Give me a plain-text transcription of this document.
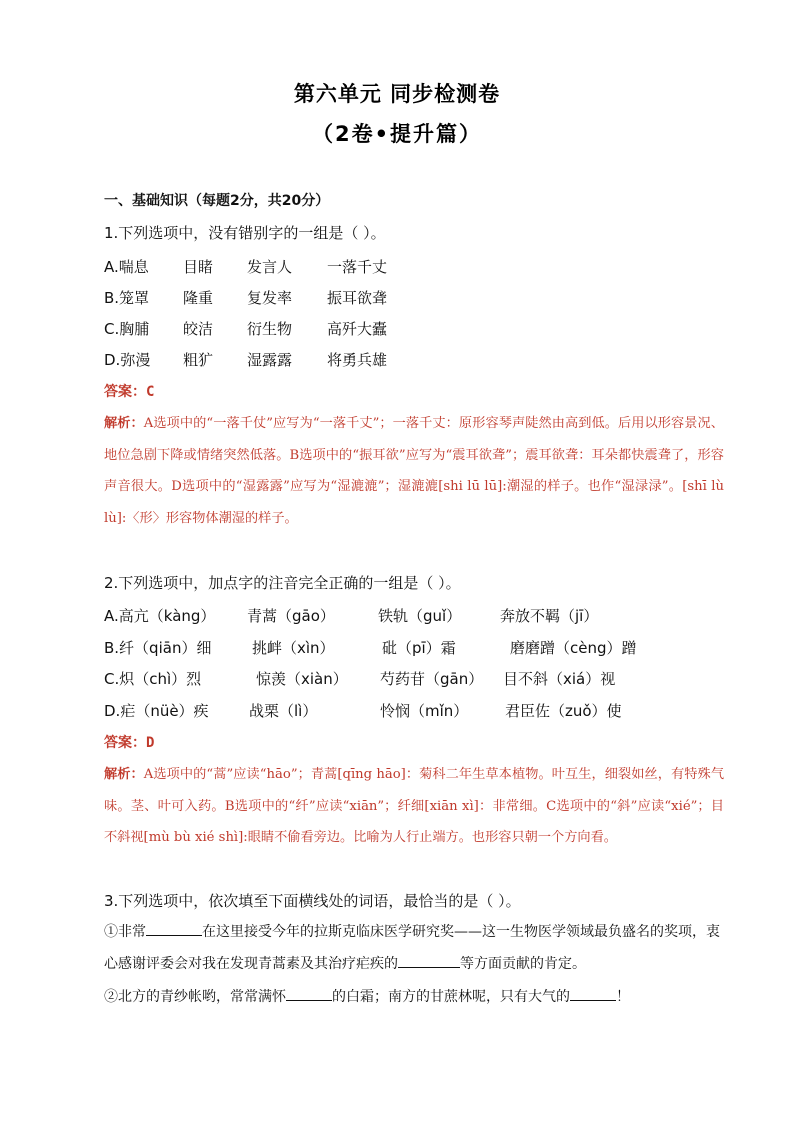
第六单元 同步检测卷
（2卷•提升篇）
一、基础知识（每题2分，共20分）
1.下列选项中，没有错别字的一组是（ ）。
A.喘息 目睹 发言人 一落千丈
B.笼罩 隆重 复发率 振耳欲聋
C.胸脯 皎洁 衍生物 高歼大蠹
D.弥漫 粗犷 湿露露 将勇兵雄
答案：C
解析：A选项中的“一落千仗”应写为“一落千丈”；一落千丈：原形容琴声陡然由高到低。后用以形容景况、地位急剧下降或情绪突然低落。B选项中的“振耳欲”应写为“震耳欲聋”；震耳欲聋：耳朵都快震聋了，形容声音很大。D选项中的“湿露露”应写为“湿漉漉”；湿漉漉[shi lū lū]:潮湿的样子。也作“湿渌渌”。[shī lù lù]:〈形〉形容物体潮湿的样子。
2.下列选项中，加点字的注音完全正确的一组是（ ）。
A.高亢（kàng） 青蒿（gāo）	铁轨（guǐ）	奔放不羁（jī）
B.纤（qiān）细	挑衅（xìn）	砒（pī）霜	磨磨蹭（cèng）蹭
C.炽（chì）烈	惊羡（xiàn） 芍药苷（gān） 目不斜（xiá）视
D.疟（nüè）疾	战栗（lì）	怜悯（mǐn） 君臣佐（zuǒ）使
答案：D
解析：A选项中的“蒿”应读“hāo”；青蒿[qīng hāo]：菊科二年生草本植物。叶互生，细裂如丝，有特殊气味。茎、叶可入药。B选项中的“纤”应读“xiān”；纤细[xiān xì]：非常细。C选项中的“斜”应读“xié”；目不斜视[mù bù xié shì]:眼睛不偷看旁边。比喻为人行止端方。也形容只朝一个方向看。
3.下列选项中，依次填至下面横线处的词语，最恰当的是（ ）。
①非常	在这里接受今年的拉斯克临床医学研究奖——这一生物医学领域最负盛名的奖项，衷心感谢评委会对我在发现青蒿素及其治疗疟疾的	等方面贡献的肯定。
②北方的青纱帐哟，常常满怀	的白霜；南方的甘蔗林呢，只有大气的	！
